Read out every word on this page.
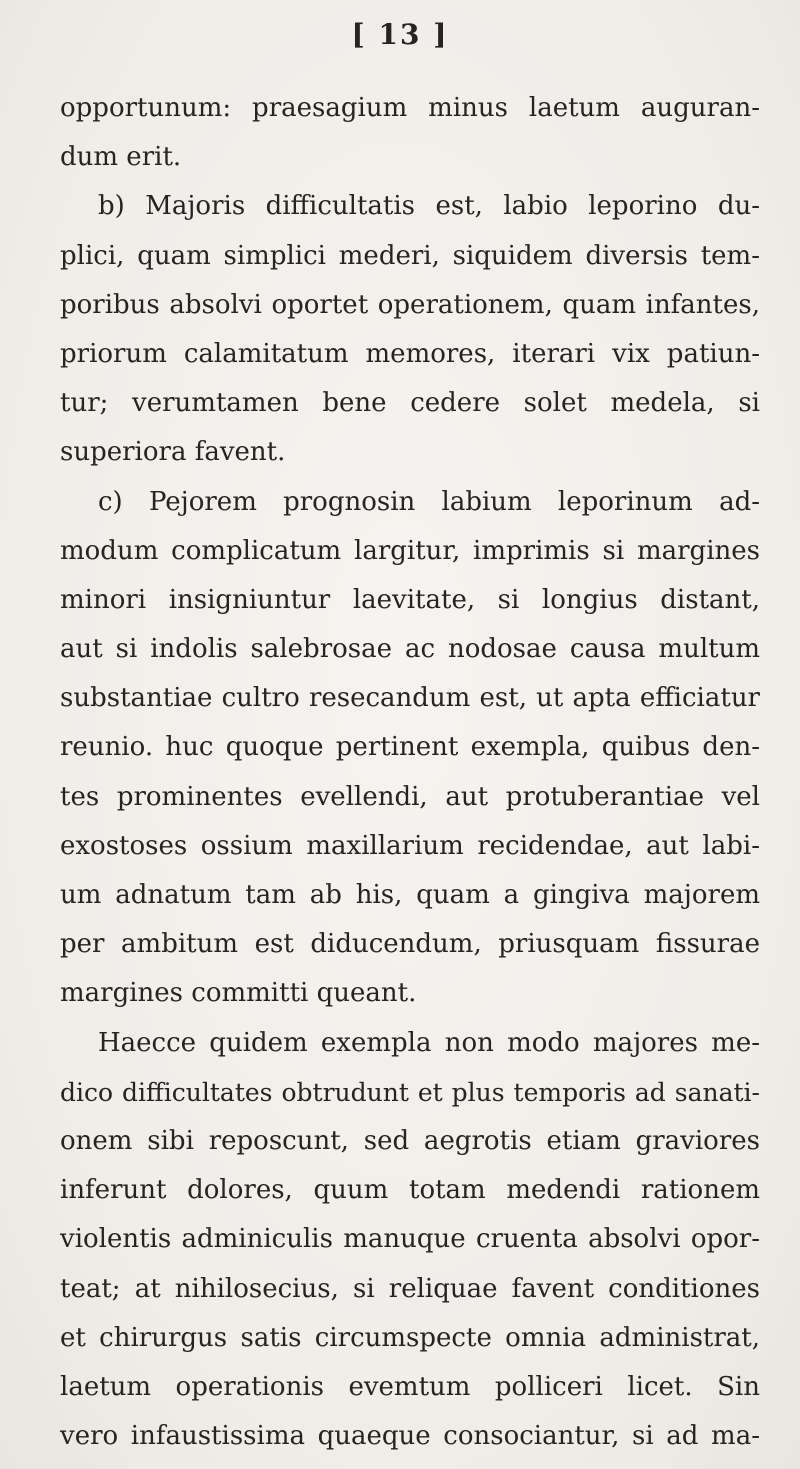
[ 13 ]
opportunum: praesagium minus laetum auguran-
dum erit.
b) Majoris difficultatis est, labio leporino du-
plici, quam simplici mederi, siquidem diversis tem-
poribus absolvi oportet operationem, quam infantes,
priorum calamitatum memores, iterari vix patiun-
tur; verumtamen bene cedere solet medela, si
superiora favent.
c) Pejorem prognosin labium leporinum ad-
modum complicatum largitur, imprimis si margines
minori insigniuntur laevitate, si longius distant,
aut si indolis salebrosae ac nodosae causa multum
substantiae cultro resecandum est, ut apta efficiatur
reunio. huc quoque pertinent exempla, quibus den-
tes prominentes evellendi, aut protuberantiae vel
exostoses ossium maxillarium recidendae, aut labi-
um adnatum tam ab his, quam a gingiva majorem
per ambitum est diducendum, priusquam fissurae
margines committi queant.
Haecce quidem exempla non modo majores me-
dico difficultates obtrudunt et plus temporis ad sanati-
onem sibi reposcunt, sed aegrotis etiam graviores
inferunt dolores, quum totam medendi rationem
violentis adminiculis manuque cruenta absolvi opor-
teat; at nihilosecius, si reliquae favent conditiones
et chirurgus satis circumspecte omnia administrat,
laetum operationis evemtum polliceri licet. Sin
vero infaustissima quaeque consociantur, si ad ma-
